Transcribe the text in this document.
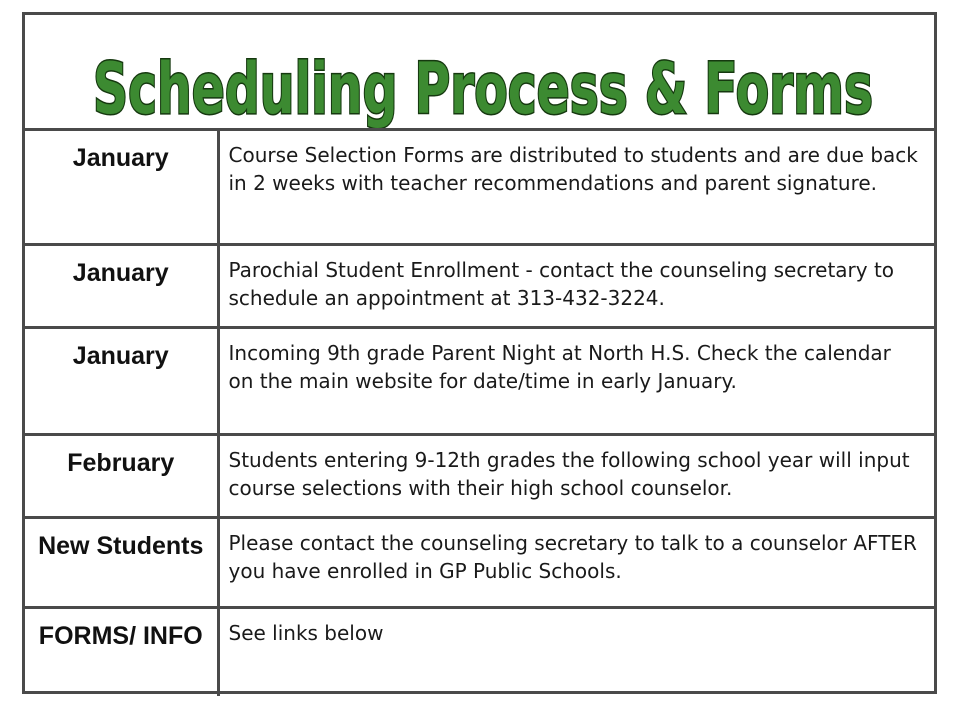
Scheduling Process & Forms
January	Course Selection Forms are distributed to students and are due back in 2 weeks with teacher recommendations and parent signature.

January	Parochial Student Enrollment - contact the counseling secretary to schedule an appointment at 313-432-3224.

January	Incoming 9th grade Parent Night at North H.S. Check the calendar on the main website for date/time in early January.

February	Students entering 9-12th grades the following school year will input course selections with their high school counselor.

New Students	Please contact the counseling secretary to talk to a counselor AFTER you have enrolled in GP Public Schools.

FORMS/ INFO	See links below
